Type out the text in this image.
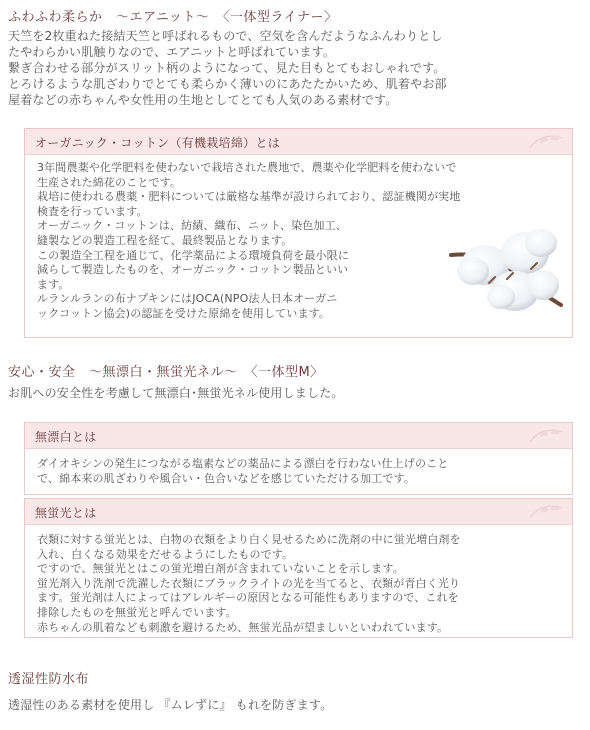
ふわふわ柔らか　～エアニット～　〈一体型ライナー〉
天竺を2枚重ねた接結天竺と呼ばれるもので、空気を含んだようなふんわりとし
たやわらかい肌触りなので、エアニットと呼ばれています。
繋ぎ合わせる部分がスリット柄のようになって、見た目もとてもおしゃれです。
とろけるような肌ざわりでとても柔らかく薄いのにあたたかいため、肌着やお部
屋着などの赤ちゃんや女性用の生地としてとても人気のある素材です。
オーガニック・コットン（有機栽培綿）とは
3年間農薬や化学肥料を使わないで栽培された農地で、農薬や化学肥料を使わないで
生産された綿花のことです。
栽培に使われる農薬・肥料については厳格な基準が設けられており、認証機関が実地
検査を行っています。
オーガニック・コットンは、紡績、織布、ニット、染色加工、
縫製などの製造工程を経て、最終製品となります。
この製造全工程を通じて、化学薬品による環境負荷を最小限に
減らして製造したものを、オーガニック・コットン製品といい
ます。
ルランルランの布ナプキンにはJOCA(NPO法人日本オーガニ
ックコットン協会)の認証を受けた原綿を使用しています。
安心・安全　～無漂白・無蛍光ネル～　〈一体型M〉
お肌への安全性を考慮して無漂白･無蛍光ネル使用しました。
無漂白とは
ダイオキシンの発生につながる塩素などの薬品による漂白を行わない仕上げのこと
で、綿本来の肌ざわりや風合い・色合いなどを感じていただける加工です。
無蛍光とは
衣類に対する蛍光とは、白物の衣類をより白く見せるために洗剤の中に蛍光増白剤を
入れ、白くなる効果をだせるようにしたものです。
ですので、無蛍光とはこの蛍光増白剤が含まれていないことを示します。
蛍光剤入り洗剤で洗濯した衣類にブラックライトの光を当てると、衣類が青白く光り
ます。蛍光剤は人によってはアレルギーの原因となる可能性もありますので、これを
排除したものを無蛍光と呼んでいます。
赤ちゃんの肌着なども刺激を避けるため、無蛍光品が望ましいといわれています。
透湿性防水布
透湿性のある素材を使用し 『ムレずに』 もれを防ぎます。
